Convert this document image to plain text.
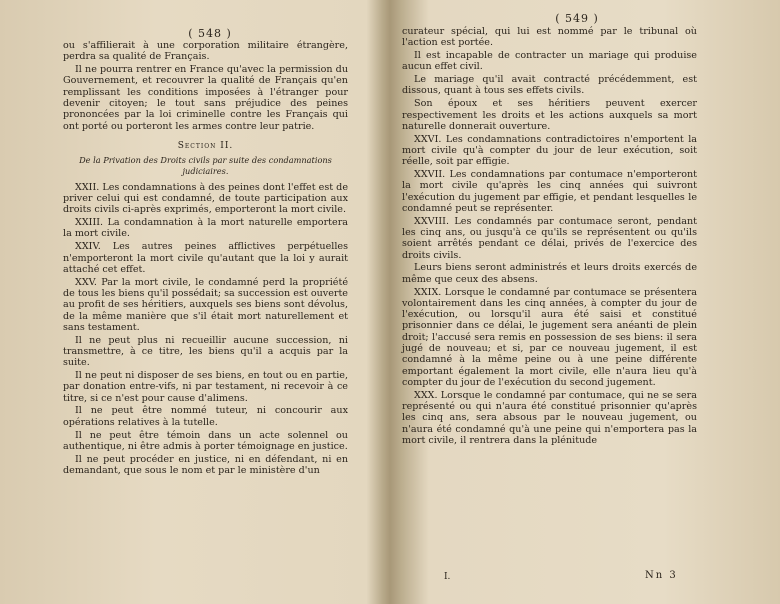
( 548 )
ou s'affilierait à une corporation militaire étrangère, perdra sa qualité de Français.
Il ne pourra rentrer en France qu'avec la permission du Gouvernement, et recouvrer la qualité de Français qu'en remplissant les conditions imposées à l'étranger pour devenir citoyen; le tout sans préjudice des peines prononcées par la loi criminelle contre les Français qui ont porté ou porteront les armes contre leur patrie.
Section II.
De la Privation des Droits civils par suite des condamnations judiciaires.
XXII. Les condamnations à des peines dont l'effet est de priver celui qui est condamné, de toute participation aux droits civils ci-après exprimés, emporteront la mort civile.
XXIII. La condamnation à la mort naturelle emportera la mort civile.
XXIV. Les autres peines afflictives perpétuelles n'emporteront la mort civile qu'autant que la loi y aurait attaché cet effet.
XXV. Par la mort civile, le condamné perd la propriété de tous les biens qu'il possédait; sa succession est ouverte au profit de ses héritiers, auxquels ses biens sont dévolus, de la même manière que s'il était mort naturellement et sans testament.
Il ne peut plus ni recueillir aucune succession, ni transmettre, à ce titre, les biens qu'il a acquis par la suite.
Il ne peut ni disposer de ses biens, en tout ou en partie, par donation entre-vifs, ni par testament, ni recevoir à ce titre, si ce n'est pour cause d'alimens.
Il ne peut être nommé tuteur, ni concourir aux opérations relatives à la tutelle.
Il ne peut être témoin dans un acte solennel ou authentique, ni être admis à porter témoignage en justice.
Il ne peut procéder en justice, ni en défendant, ni en demandant, que sous le nom et par le ministère d'un
( 549 )
curateur spécial, qui lui est nommé par le tribunal où l'action est portée.
Il est incapable de contracter un mariage qui produise aucun effet civil.
Le mariage qu'il avait contracté précédemment, est dissous, quant à tous ses effets civils.
Son époux et ses héritiers peuvent exercer respectivement les droits et les actions auxquels sa mort naturelle donnerait ouverture.
XXVI. Les condamnations contradictoires n'emportent la mort civile qu'à compter du jour de leur exécution, soit réelle, soit par effigie.
XXVII. Les condamnations par contumace n'emporteront la mort civile qu'après les cinq années qui suivront l'exécution du jugement par effigie, et pendant lesquelles le condamné peut se représenter.
XXVIII. Les condamnés par contumace seront, pendant les cinq ans, ou jusqu'à ce qu'ils se représentent ou qu'ils soient arrêtés pendant ce délai, privés de l'exercice des droits civils.
Leurs biens seront administrés et leurs droits exercés de même que ceux des absens.
XXIX. Lorsque le condamné par contumace se présentera volontairement dans les cinq années, à compter du jour de l'exécution, ou lorsqu'il aura été saisi et constitué prisonnier dans ce délai, le jugement sera anéanti de plein droit; l'accusé sera remis en possession de ses biens: il sera jugé de nouveau; et si, par ce nouveau jugement, il est condamné à la même peine ou à une peine différente emportant également la mort civile, elle n'aura lieu qu'à compter du jour de l'exécution du second jugement.
XXX. Lorsque le condamné par contumace, qui ne se sera représenté ou qui n'aura été constitué prisonnier qu'après les cinq ans, sera absous par le nouveau jugement, ou n'aura été condamné qu'à une peine qui n'emportera pas la mort civile, il rentrera dans la plénitude
I.	Nn 3
